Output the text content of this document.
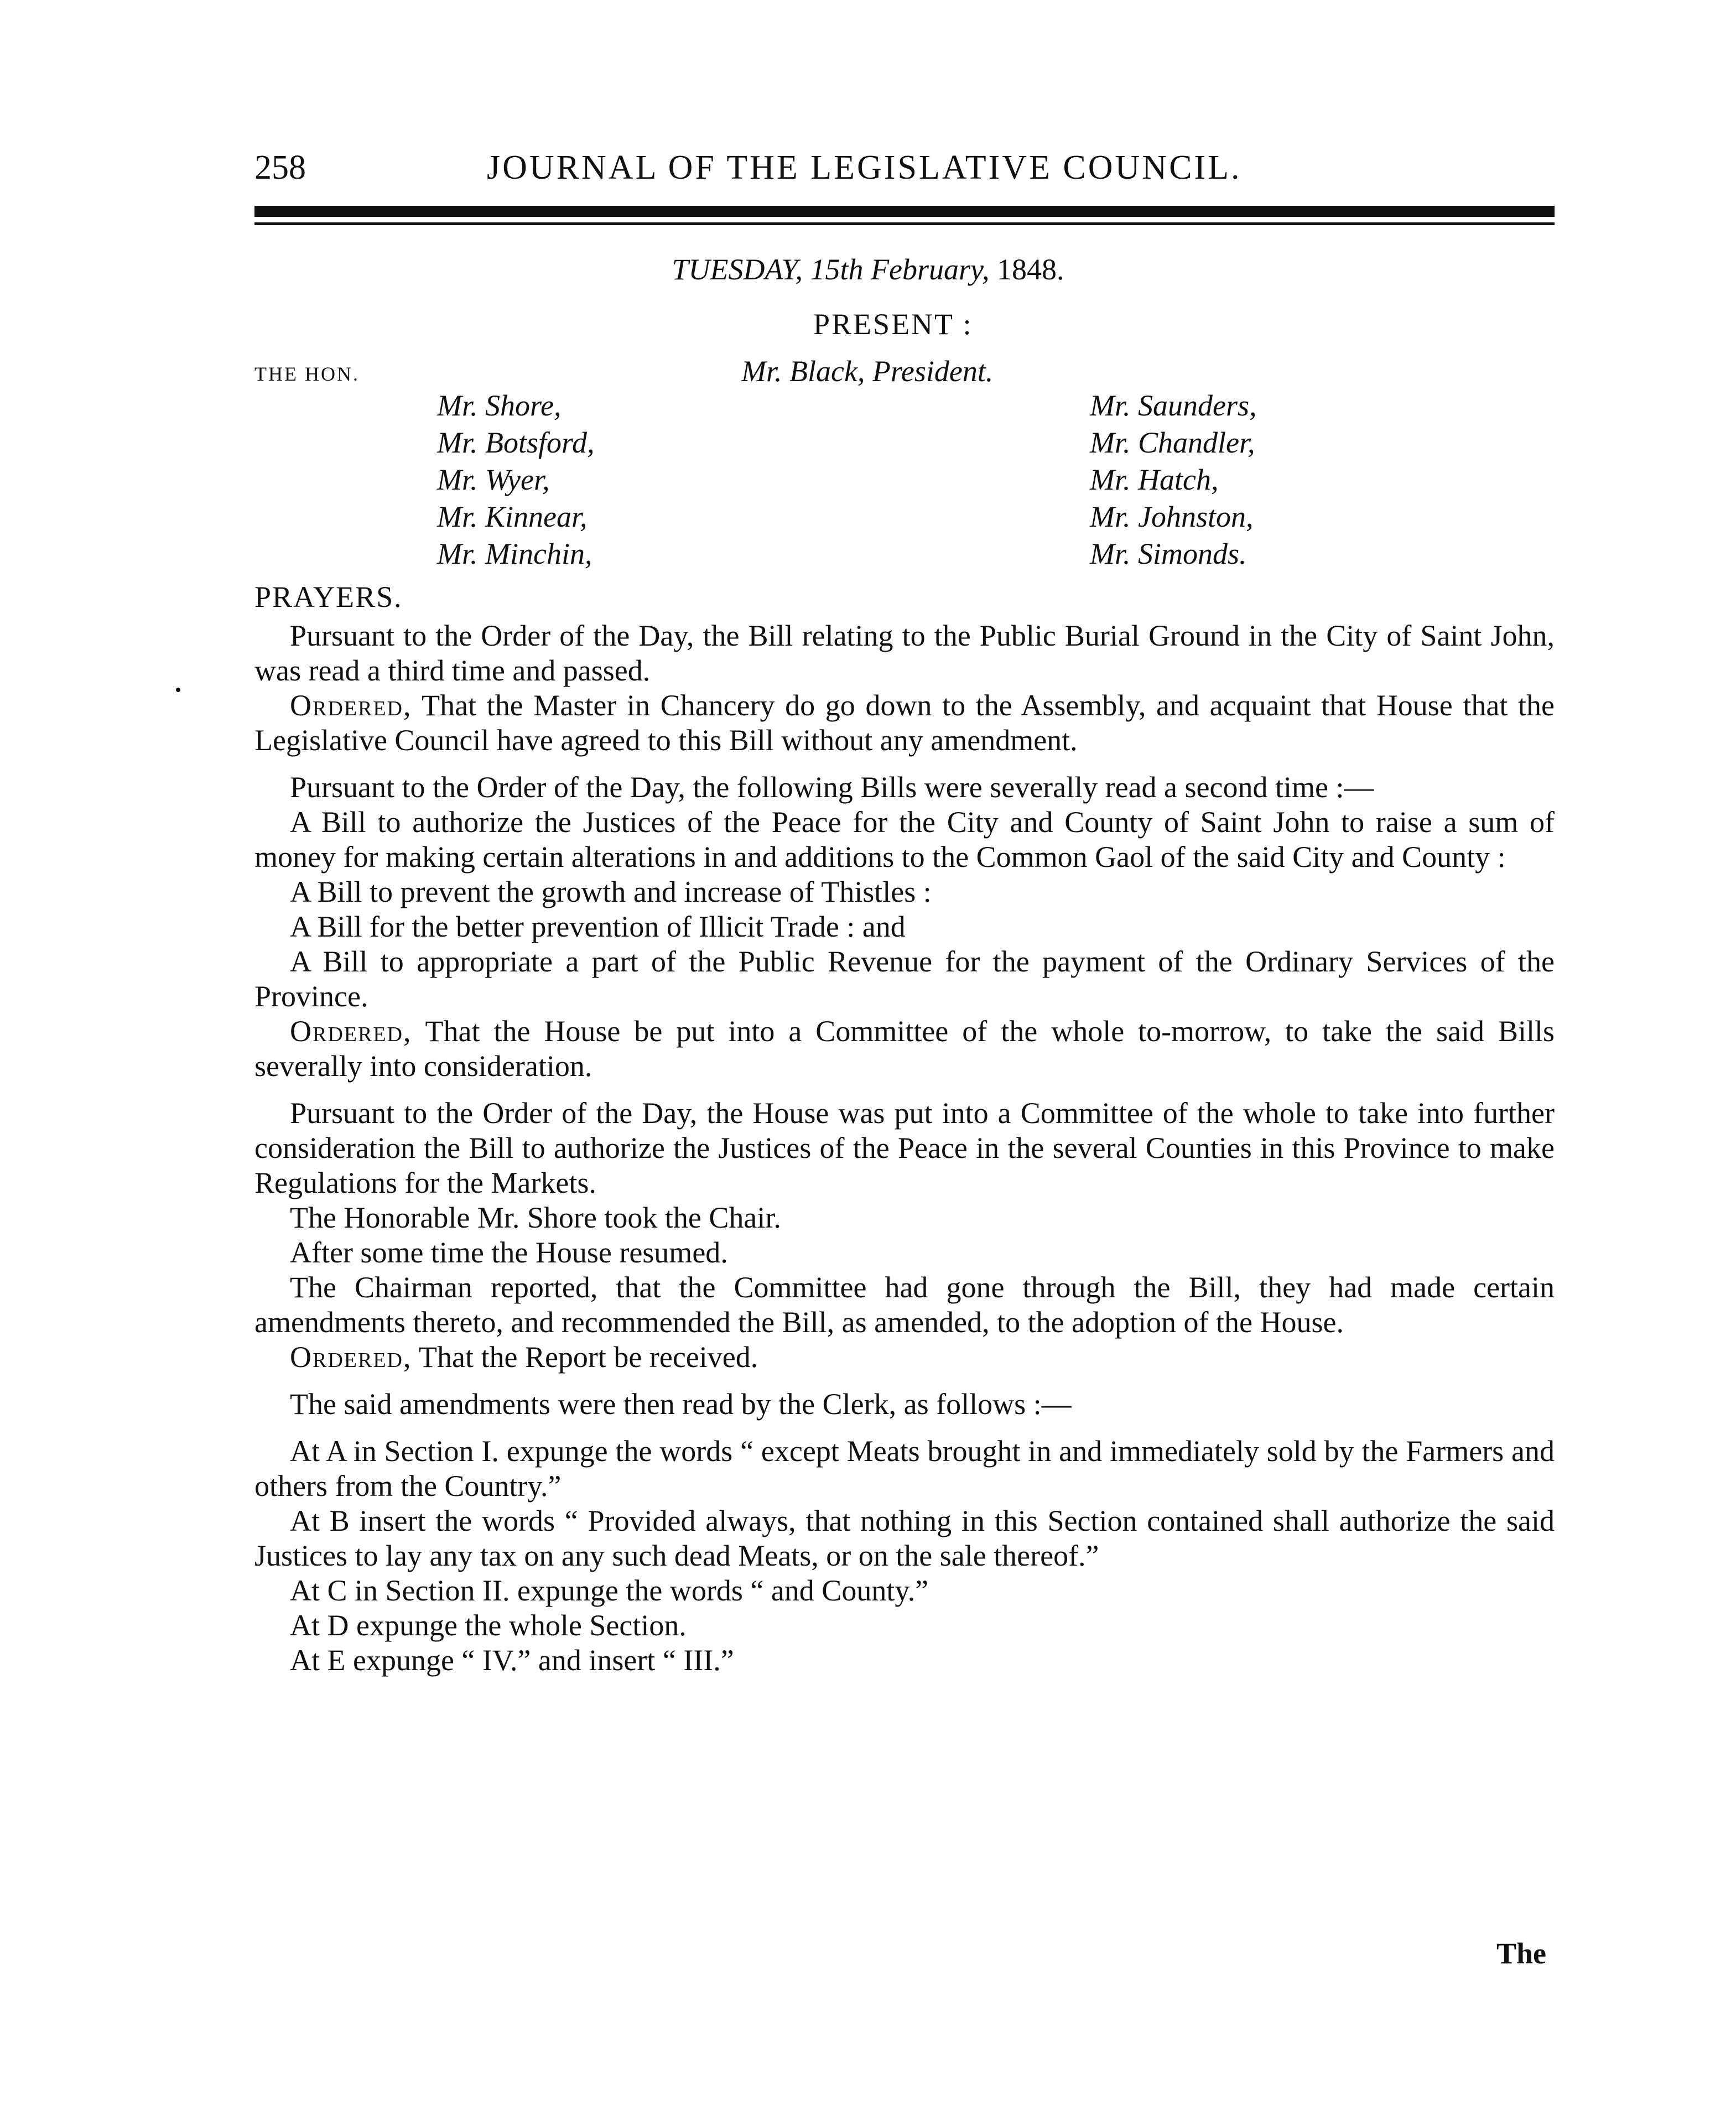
258	JOURNAL OF THE LEGISLATIVE COUNCIL.
TUESDAY, 15th February, 1848.
PRESENT :
THE HON.	Mr. Black, President.
Mr. Shore,
Mr. Botsford,
Mr. Wyer,
Mr. Kinnear,
Mr. Minchin,
Mr. Saunders,
Mr. Chandler,
Mr. Hatch,
Mr. Johnston,
Mr. Simonds.
PRAYERS.

Pursuant to the Order of the Day, the Bill relating to the Public Burial Ground in the City of Saint John, was read a third time and passed.

Ordered, That the Master in Chancery do go down to the Assembly, and acquaint that House that the Legislative Council have agreed to this Bill without any amendment.

Pursuant to the Order of the Day, the following Bills were severally read a second time :—

A Bill to authorize the Justices of the Peace for the City and County of Saint John to raise a sum of money for making certain alterations in and additions to the Common Gaol of the said City and County :

A Bill to prevent the growth and increase of Thistles :

A Bill for the better prevention of Illicit Trade : and

A Bill to appropriate a part of the Public Revenue for the payment of the Ordinary Services of the Province.

Ordered, That the House be put into a Committee of the whole to-morrow, to take the said Bills severally into consideration.

Pursuant to the Order of the Day, the House was put into a Committee of the whole to take into further consideration the Bill to authorize the Justices of the Peace in the several Counties in this Province to make Regulations for the Markets.

The Honorable Mr. Shore took the Chair.

After some time the House resumed.

The Chairman reported, that the Committee had gone through the Bill, they had made certain amendments thereto, and recommended the Bill, as amended, to the adoption of the House.

Ordered, That the Report be received.

The said amendments were then read by the Clerk, as follows :—

At A in Section I. expunge the words “ except Meats brought in and immediately sold by the Farmers and others from the Country.”

At B insert the words “ Provided always, that nothing in this Section contained shall authorize the said Justices to lay any tax on any such dead Meats, or on the sale thereof.”

At C in Section II. expunge the words “ and County.”

At D expunge the whole Section.

At E expunge “ IV.” and insert “ III.”

The
